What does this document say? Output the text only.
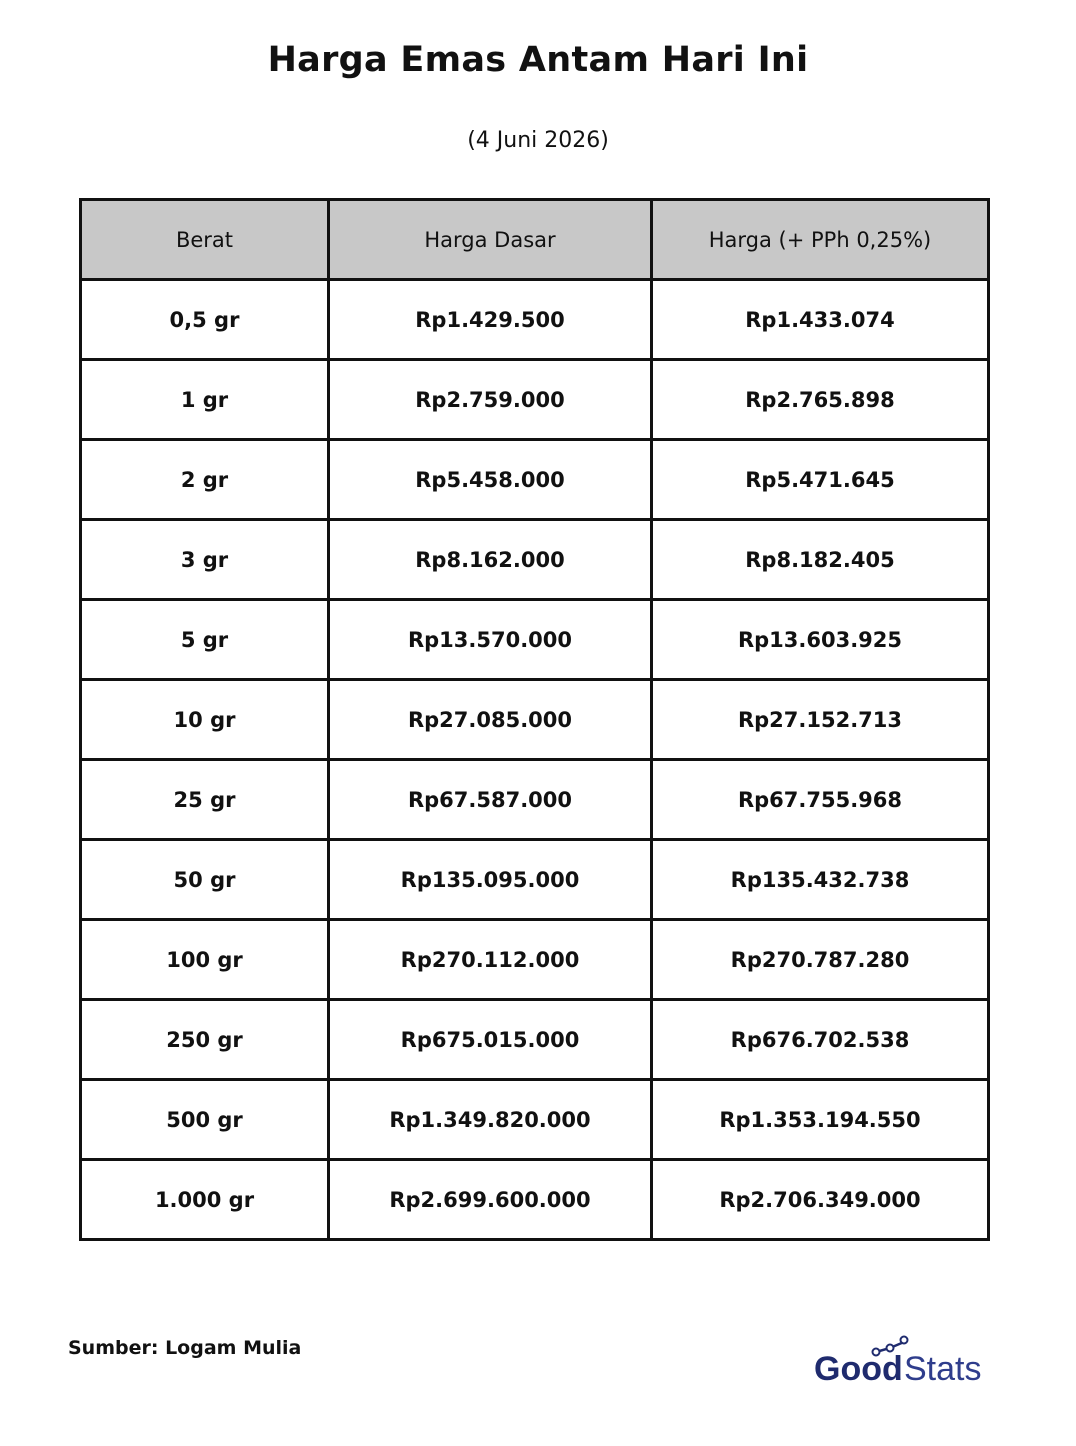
Harga Emas Antam Hari Ini
(4 Juni 2026)
Berat	Harga Dasar	Harga (+ PPh 0,25%)
0,5 gr	Rp1.429.500	Rp1.433.074
1 gr	Rp2.759.000	Rp2.765.898
2 gr	Rp5.458.000	Rp5.471.645
3 gr	Rp8.162.000	Rp8.182.405
5 gr	Rp13.570.000	Rp13.603.925
10 gr	Rp27.085.000	Rp27.152.713
25 gr	Rp67.587.000	Rp67.755.968
50 gr	Rp135.095.000	Rp135.432.738
100 gr	Rp270.112.000	Rp270.787.280
250 gr	Rp675.015.000	Rp676.702.538
500 gr	Rp1.349.820.000	Rp1.353.194.550
1.000 gr	Rp2.699.600.000	Rp2.706.349.000
Sumber: Logam Mulia
Good Stats
